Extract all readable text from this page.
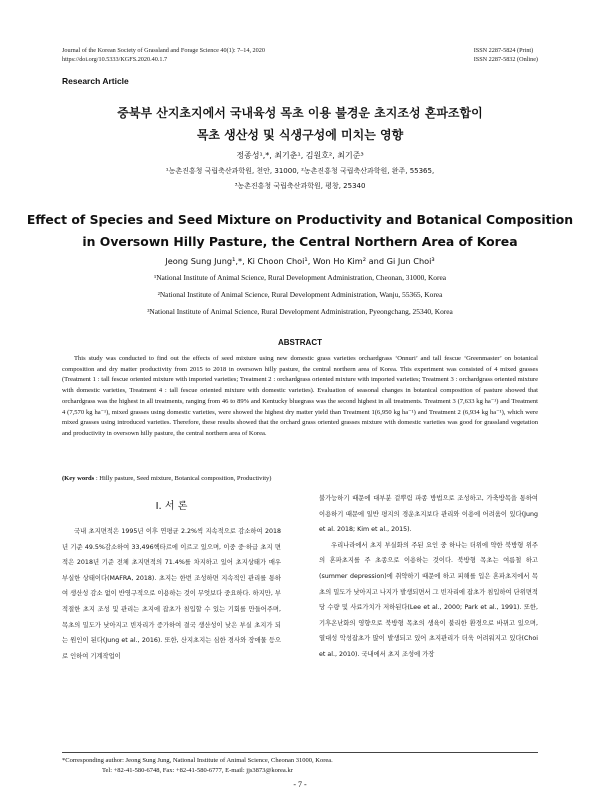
Journal of the Korean Society of Grassland and Forage Science 40(1): 7–14, 2020
https://doi.org/10.5333/KGFS.2020.40.1.7
ISSN 2287-5824 (Print)
ISSN 2287-5832 (Online)
Research Article
중북부 산지초지에서 국내육성 목초 이용 불경운 초지조성 혼파조합이
목초 생산성 및 식생구성에 미치는 영향
정종성¹,*, 최기춘¹, 김원호², 최기준³
¹농촌진흥청 국립축산과학원, 천안, 31000, ²농촌진흥청 국립축산과학원, 완주, 55365,
³농촌진흥청 국립축산과학원, 평창, 25340
Effect of Species and Seed Mixture on Productivity and Botanical Composition
in Oversown Hilly Pasture, the Central Northern Area of Korea
Jeong Sung Jung¹,*, Ki Choon Choi¹, Won Ho Kim² and Gi Jun Choi³
¹National Institute of Animal Science, Rural Development Administration, Cheonan, 31000, Korea
²National Institute of Animal Science, Rural Development Administration, Wanju, 55365, Korea
³National Institute of Animal Science, Rural Development Administration, Pyeongchang, 25340, Korea
ABSTRACT
This study was conducted to find out the effects of seed mixture using new domestic grass varieties orchardgrass ‘Onnuri’ and tall fescue ‘Greenmaster’ on botanical composition and dry matter productivity from 2015 to 2018 in oversown hilly pasture, the central northern area of Korea. This experiment was consisted of 4 mixed grasses (Treatment 1 : tall fescue oriented mixture with imported varieties; Treatment 2 : orchardgrass oriented mixture with imported varieties; Treatment 3 : orchardgrass oriented mixture with domestic varieties, Treatment 4 : tall fescue oriented mixture with domestic varieties). Evaluation of seasonal changes in botanical composition of pasture showed that orchardgrass was the highest in all treatments, ranging from 46 to 89% and Kentucky bluegrass was the second highest in all treatments. Treatment 3 (7,633 kg ha⁻¹) and Treatment 4 (7,570 kg ha⁻¹), mixed grasses using domestic varieties, were showed the highest dry matter yield than Treatment 1(6,950 kg ha⁻¹) and Treatment 2 (6,934 kg ha⁻¹), which were mixed grasses using introduced varieties. Therefore, these results showed that the orchard grass oriented grasses mixture with domestic varieties was good for grassland vegetation and productivity in oversown hilly pasture, the central northern area of Korea.
(Key words : Hilly pasture, Seed mixture, Botanical composition, Productivity)
Ⅰ. 서 론
국내 초지면적은 1995년 이후 연평균 2.2%씩 지속적으로 감소하여 2018년 기준 49.5%감소하여 33,496헥타르에 이르고 있으며, 이중 중·하급 초지 면적은 2018년 기준 전체 초지면적의 71.4%를 차지하고 있어 초지상태가 매우 부실한 상태이다(MAFRA, 2018). 초지는 한번 조성하면 지속적인 관리를 통하여 생산성 감소 없이 반영구적으로 이용하는 것이 무엇보다 중요하다. 하지만, 부적절한 초지 조성 및 관리는 초지에 잡초가 침입할 수 있는 기회를 만들어주며, 목초의 밀도가 낮아지고 빈자리가 증가하여 결국 생산성이 낮은 부실 초지가 되는 원인이 된다(Jung et al., 2016). 또한, 산지초지는 심한 경사와 장애물 등으로 인하여 기계작업이

불가능하기 때문에 대부분 겉뿌림 파종 방법으로 조성하고, 가축방목을 통하여 이용하기 때문에 일반 평지의 경운초지보다 관리와 이용에 어려움이 있다(Jung et al. 2018; Kim et al., 2015).

우리나라에서 초지 부실화의 주된 요인 중 하나는 더위에 약한 북방형 위주의 혼파초지를 주 초종으로 이용하는 것이다. 북방형 목초는 여름철 하고(summer depression)에 취약하기 때문에 하고 피해를 입은 혼파초지에서 목초의 밀도가 낮아지고 나지가 발생되면서 그 빈자리에 잡초가 침입하여 단위면적당 수량 및 사료가치가 저하된다(Lee et al., 2000; Park et al., 1991). 또한, 기후온난화의 영향으로 북방형 목초의 생육이 불리한 환경으로 바뀌고 있으며, 열대성 악성잡초가 많이 발생되고 있어 초지관리가 더욱 어려워지고 있다(Choi et al., 2010). 국내에서 초지 조성에 가장

*Corresponding author: Jeong Sung Jung, National Institute of Animal Science, Cheonan 31000, Korea.
Tel: +82-41-580-6748, Fax: +82-41-580-6777, E-mail: jjs3873@korea.kr
- 7 -
